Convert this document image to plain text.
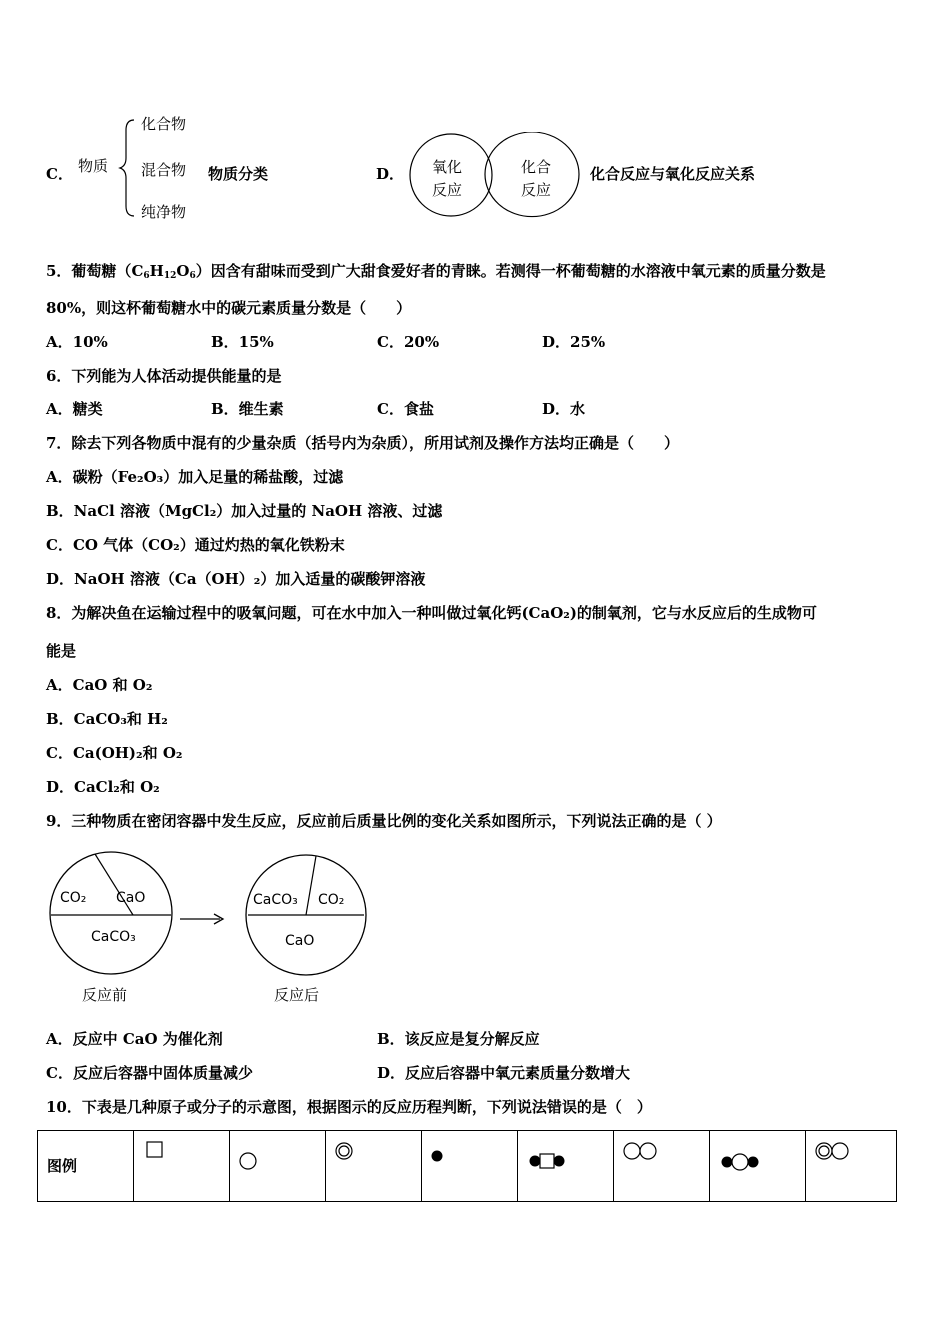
C． 物质
化合物
混合物
纯净物
物质分类	D． 氧化
反应
化合
反应
化合反应与氧化反应关系
5．葡萄糖$(C_6H_{12}O_6)$因含有甜味而受到广大甜食爱好者的青睐。若测得一杯葡萄糖的水溶液中氧元素的质量分数是
80%，则这杯葡萄糖水中的碳元素质量分数是（　　）
A．10%	B．15%	C．20%	D．25%
6．下列能为人体活动提供能量的是
A．糖类	B．维生素	C．食盐	D．水
7．除去下列各物质中混有的少量杂质（括号内为杂质），所用试剂及操作方法均正确是（　　）
A．碳粉（Fe₂O₃）加入足量的稀盐酸，过滤
B．NaCl 溶液（MgCl₂）加入过量的 NaOH 溶液、过滤
C．CO 气体（CO₂）通过灼热的氧化铁粉末
D．NaOH 溶液（Ca（OH）₂）加入适量的碳酸钾溶液
8．为解决鱼在运输过程中的吸氧问题，可在水中加入一种叫做过氧化钙(CaO₂)的制氧剂，它与水反应后的生成物可
能是
A．CaO 和 O₂
B．CaCO₃和 H₂
C．Ca(OH)₂和 O₂
D．CaCl₂和 O₂
9．三种物质在密闭容器中发生反应，反应前后质量比例的变化关系如图所示，下列说法正确的是（ ）
CO₂ CaO
CaCO₃
反应前
CaCO₃ CO₂
CaO
反应后
A．反应中 CaO 为催化剂	B．该反应是复分解反应
C．反应后容器中固体质量减少	D．反应后容器中氧元素质量分数增大
10．下表是几种原子或分子的示意图，根据图示的反应历程判断，下列说法错误的是（　）
图例	
